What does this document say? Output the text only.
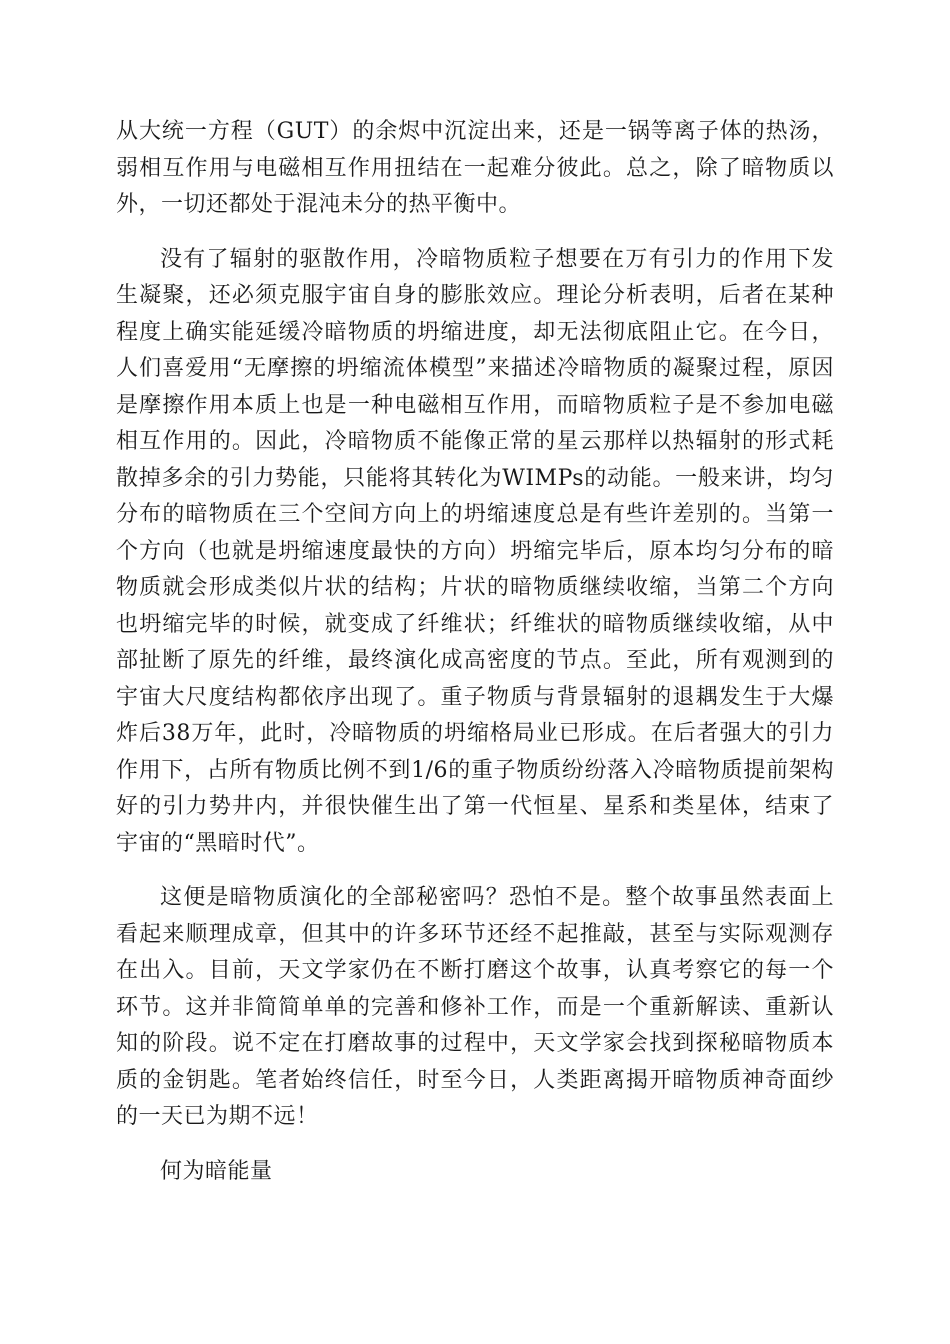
从大统一方程（GUT）的余烬中沉淀出来，还是一锅等离子体的热汤，弱相互作用与电磁相互作用扭结在一起难分彼此。总之，除了暗物质以外，一切还都处于混沌未分的热平衡中。

没有了辐射的驱散作用，冷暗物质粒子想要在万有引力的作用下发生凝聚，还必须克服宇宙自身的膨胀效应。理论分析表明，后者在某种程度上确实能延缓冷暗物质的坍缩进度，却无法彻底阻止它。在今日，人们喜爱用“无摩擦的坍缩流体模型”来描述冷暗物质的凝聚过程，原因是摩擦作用本质上也是一种电磁相互作用，而暗物质粒子是不参加电磁相互作用的。因此，冷暗物质不能像正常的星云那样以热辐射的形式耗散掉多余的引力势能，只能将其转化为WIMPs的动能。一般来讲，均匀分布的暗物质在三个空间方向上的坍缩速度总是有些许差别的。当第一个方向（也就是坍缩速度最快的方向）坍缩完毕后，原本均匀分布的暗物质就会形成类似片状的结构；片状的暗物质继续收缩，当第二个方向也坍缩完毕的时候，就变成了纤维状；纤维状的暗物质继续收缩，从中部扯断了原先的纤维，最终演化成高密度的节点。至此，所有观测到的宇宙大尺度结构都依序出现了。重子物质与背景辐射的退耦发生于大爆炸后38万年，此时，冷暗物质的坍缩格局业已形成。在后者强大的引力作用下，占所有物质比例不到1/6的重子物质纷纷落入冷暗物质提前架构好的引力势井内，并很快催生出了第一代恒星、星系和类星体，结束了宇宙的“黑暗时代”。

这便是暗物质演化的全部秘密吗？恐怕不是。整个故事虽然表面上看起来顺理成章，但其中的许多环节还经不起推敲，甚至与实际观测存在出入。目前，天文学家仍在不断打磨这个故事，认真考察它的每一个环节。这并非简简单单的完善和修补工作，而是一个重新解读、重新认知的阶段。说不定在打磨故事的过程中，天文学家会找到探秘暗物质本质的金钥匙。笔者始终信任，时至今日，人类距离揭开暗物质神奇面纱的一天已为期不远！

何为暗能量
